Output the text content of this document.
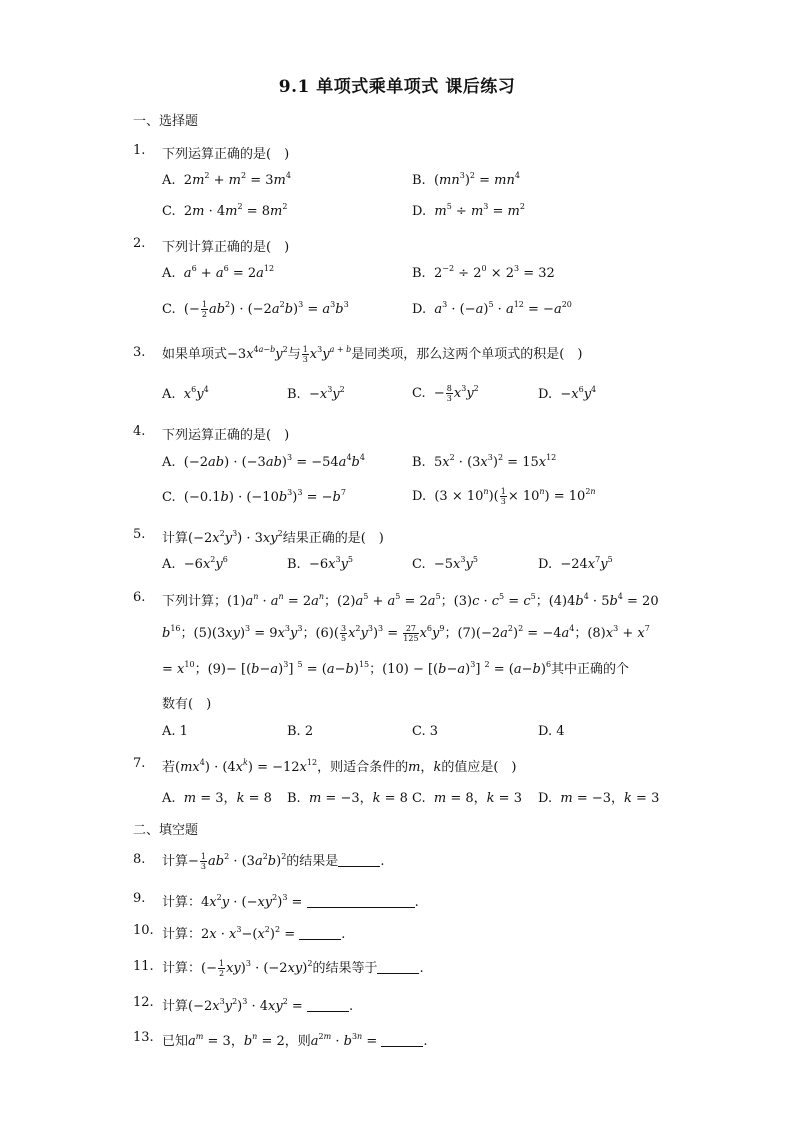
9.1 单项式乘单项式 课后练习
一、选择题
1. 下列运算正确的是(　)
A.  $2m^2 + m^2 = 3m^4$	B.  $(mn^3)^2 = mn^4$
C.  $2m \cdot 4m^2 = 8m^2$	D.  $m^5 \div m^3 = m^2$
2. 下列计算正确的是(　)
A.  $a^6 + a^6 = 2a^{12}$	B.  $2^{-2} \div 2^0 \times 2^3 = 32$
C.  (− $\frac{1}{2} ab^2) \cdot (-2a^2b)^3 = a^3b^3$	D.  $a^3 \cdot (-a)^5 \cdot a^{12} = -a^{20}$
3. 如果单项式$-3x^{4a-b}y^2$与 $\frac{1}{3} x^3y^{a + b}$是同类项，那么这两个单项式的积是(　)
A.  $x^6y^4$	B.  $-x^3y^2$	C.  − $\frac{8}{3} x^3y^2$	D.  $-x^6y^4$
4. 下列运算正确的是(　)
A.  $(-2ab) \cdot (-3ab)^3 = -54a^4b^4$	B.  $5x^2 \cdot (3x^3)^2 = 15x^{12}$
C.  $(-0.1b) \cdot (-10b^3)^3 = -b^7$	D.  $(3 \times 10^n)( \frac{1}{3} \times 10^n) = 10^{2n}$
5. 计算$(-2x^2y^3) \cdot 3xy^2$结果正确的是(　)
A.  $-6x^2y^6$	B.  $-6x^3y^5$	C.  $-5x^3y^5$	D.  $-24x^7y^5$
6. 下列计算；$(1)a^n \cdot a^n = 2a^n$；$(2)a^5 + a^5 = 2a^5$；$(3)c \cdot c^5 = c^5$；$(4)4b^4 \cdot 5b^4 = 20$
$b^{16}$；$(5)(3xy)^3 = 9x^3y^3$；$(6)( \frac{3}{5} x^2y^3)^3 = \frac{27}{125} x^6y^9$；$(7)(-2a^2)^2 = -4a^4$；$(8)x^3 + x^7$
= $x^{10}$；$(9)- [(b-a)^3] ^5 = (a-b)^{15}$；$(10) - [(b-a)^3] ^2 = (a-b)^6$其中正确的个
数有(　)
A. 1	B. 2	C. 3	D. 4
7. 若$(mx^4) \cdot (4x^k) = -12x^{12}$，则适合条件的m，k的值应是(　)
A.  m = 3，k = 8 B.  m = −3，k = 8 C.  m = 8，k = 3 D.  m = −3，k = 3
二、填空题
8. 计算− $\frac{1}{3} ab^2 \cdot (3a^2b)^2$的结果是	.
9. 计算：$4x^2y \cdot (-xy^2)^3$ =	.
10. 计算：$2x \cdot x^3-(x^2)^2$ =	.
11. 计算：(− $\frac{1}{2} xy)^3 \cdot (-2xy)^2$的结果等于	.
12. 计算$(-2x^3y^2)^3 \cdot 4xy^2$ =	.
13. 已知$a^m = 3$，$b^n = 2$，则$a^{2m} \cdot b^{3n}$ =	.
